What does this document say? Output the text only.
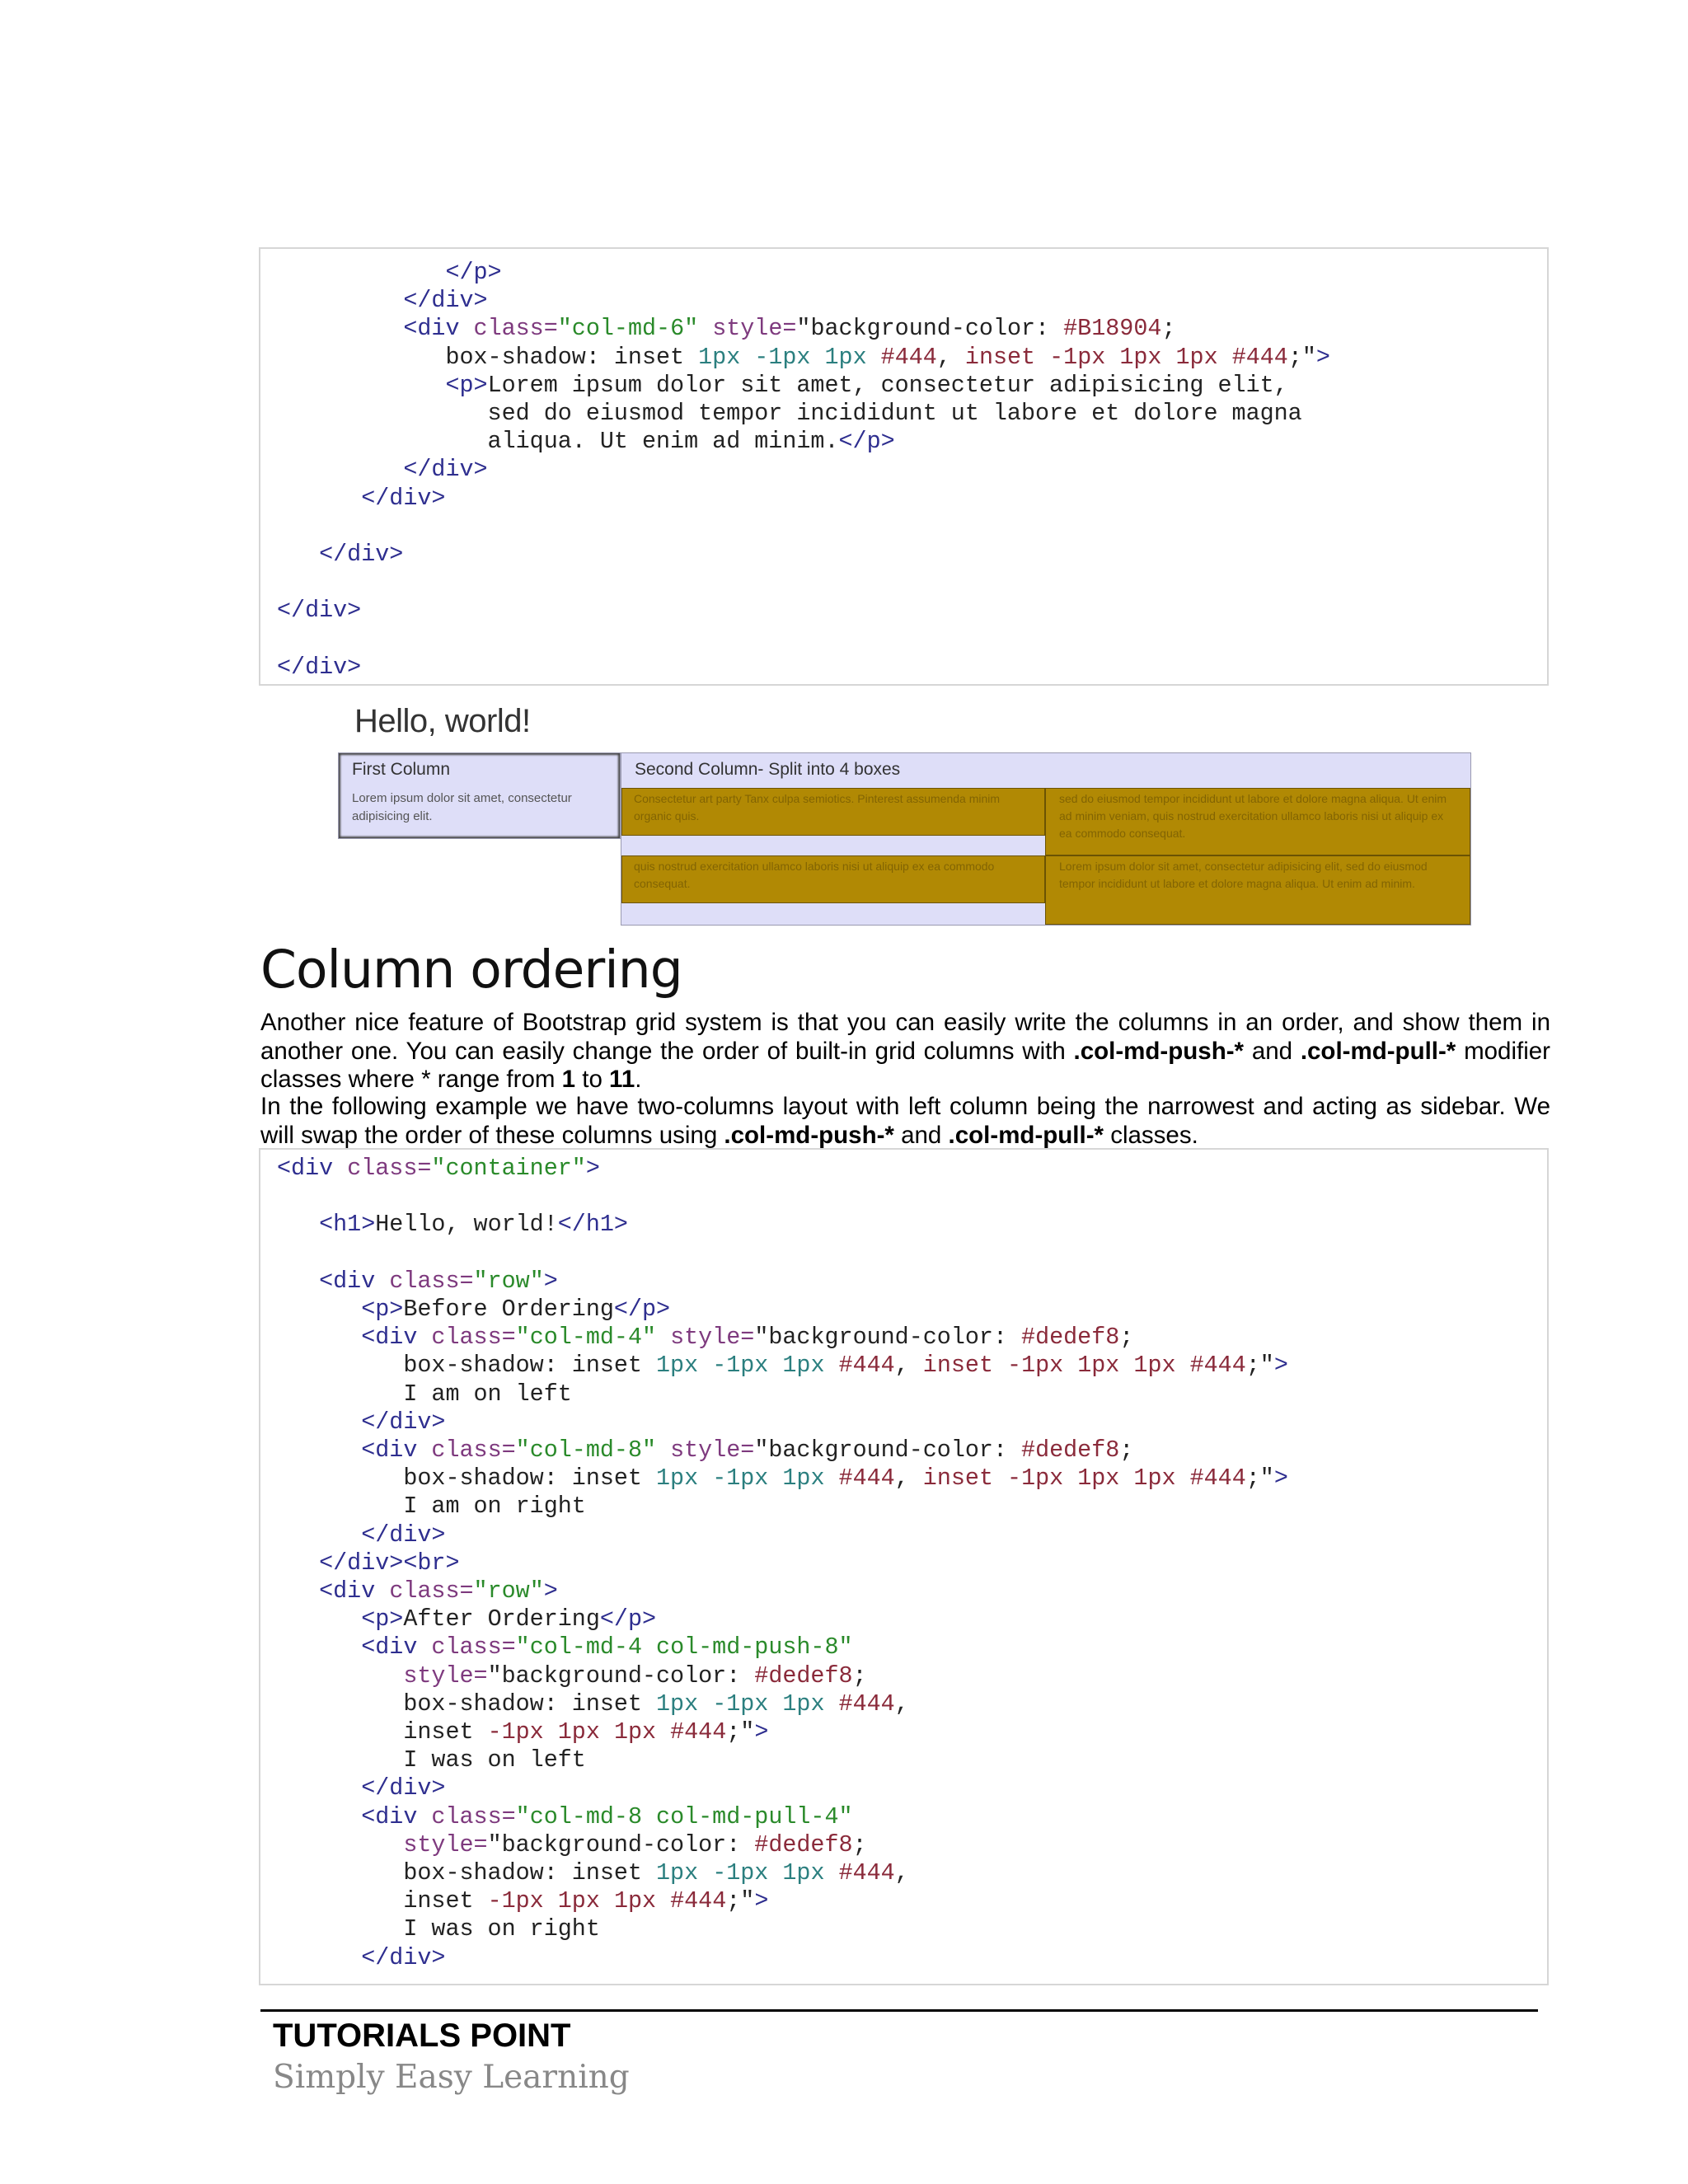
</p>
</div>
<div class="col-md-6" style="background-color: #B18904;
box-shadow: inset 1px -1px 1px #444, inset -1px 1px 1px #444;">
<p>Lorem ipsum dolor sit amet, consectetur adipisicing elit,
sed do eiusmod tempor incididunt ut labore et dolore magna
aliqua. Ut enim ad minim.</p>
</div>
</div>

</div>

</div>

</div>
Hello, world!
First Column
Lorem ipsum dolor sit amet, consectetur adipisicing elit.
Second Column- Split into 4 boxes
Consectetur art party Tanx culpa semiotics. Pinterest assumenda minim organic quis.
sed do eiusmod tempor incididunt ut labore et dolore magna aliqua. Ut enim ad minim veniam, quis nostrud exercitation ullamco laboris nisi ut aliquip ex ea commodo consequat.
quis nostrud exercitation ullamco laboris nisi ut aliquip ex ea commodo consequat.
Lorem ipsum dolor sit amet, consectetur adipisicing elit, sed do eiusmod tempor incididunt ut labore et dolore magna aliqua. Ut enim ad minim.
Column ordering
Another nice feature of Bootstrap grid system is that you can easily write the columns in an order, and show them in another one. You can easily change the order of built-in grid columns with .col-md-push-* and .col-md-pull-* modifier classes where * range from 1 to 11.
In the following example we have two-columns layout with left column being the narrowest and acting as sidebar. We will swap the order of these columns using .col-md-push-* and .col-md-pull-* classes.
<div class="container">

<h1>Hello, world!</h1>

<div class="row">
<p>Before Ordering</p>
<div class="col-md-4" style="background-color: #dedef8;
box-shadow: inset 1px -1px 1px #444, inset -1px 1px 1px #444;">
I am on left
</div>
<div class="col-md-8" style="background-color: #dedef8;
box-shadow: inset 1px -1px 1px #444, inset -1px 1px 1px #444;">
I am on right
</div>
</div><br>
<div class="row">
<p>After Ordering</p>
<div class="col-md-4 col-md-push-8"
style="background-color: #dedef8;
box-shadow: inset 1px -1px 1px #444,
inset -1px 1px 1px #444;">
I was on left
</div>
<div class="col-md-8 col-md-pull-4"
style="background-color: #dedef8;
box-shadow: inset 1px -1px 1px #444,
inset -1px 1px 1px #444;">
I was on right
</div>
TUTORIALS POINT
Simply Easy Learning
